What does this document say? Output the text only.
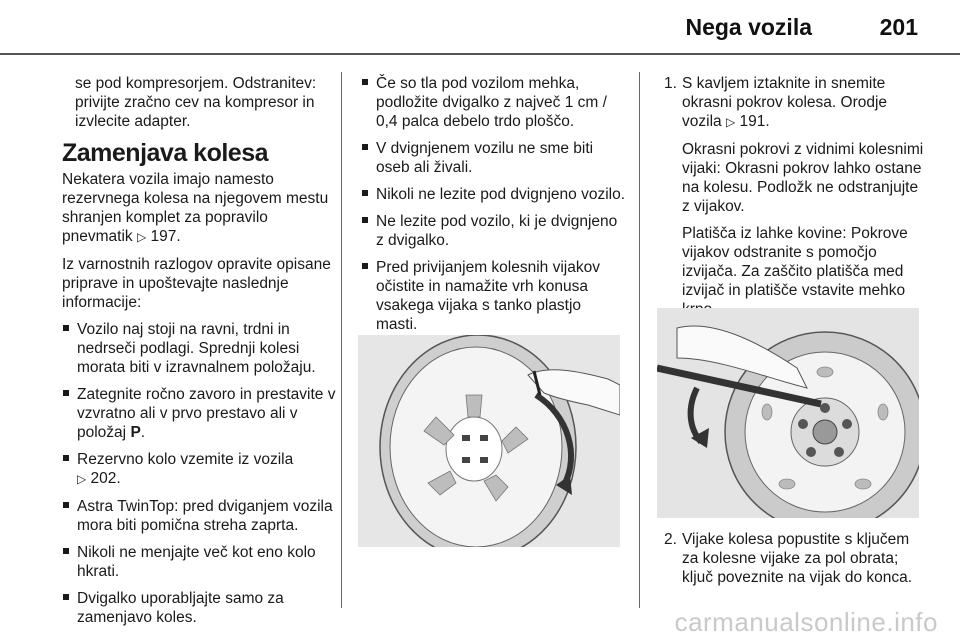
Nega vozila	201

se pod kompresorjem. Odstranitev: privijte zračno cev na kompresor in izvlecite adapter.

Zamenjava kolesa

Nekatera vozila imajo namesto rezervnega kolesa na njegovem mestu shranjen komplet za popravilo pnevmatik ▷ 197.

Iz varnostnih razlogov opravite opisane priprave in upoštevajte naslednje informacije:

Vozilo naj stoji na ravni, trdni in nedrseči podlagi. Sprednji kolesi morata biti v izravnalnem položaju.
Zategnite ročno zavoro in prestavite v vzvratno ali v prvo prestavo ali v položaj P.
Rezervno kolo vzemite iz vozila
▷ 202.
Astra TwinTop: pred dviganjem vozila mora biti pomična streha zaprta.
Nikoli ne menjajte več kot eno kolo hkrati.
Dvigalko uporabljajte samo za zamenjavo koles.
Če so tla pod vozilom mehka, podložite dvigalko z največ 1 cm / 0,4 palca debelo trdo ploščo.
V dvignjenem vozilu ne sme biti oseb ali živali.
Nikoli ne lezite pod dvignjeno vozilo.
Ne lezite pod vozilo, ki je dvignjeno z dvigalko.
Pred privijanjem kolesnih vijakov očistite in namažite vrh konusa vsakega vijaka s tanko plastjo masti.
1. S kavljem iztaknite in snemite okrasni pokrov kolesa. Orodje vozila ▷ 191.

Okrasni pokrovi z vidnimi kolesnimi vijaki: Okrasni pokrov lahko ostane na kolesu. Podložk ne odstranjujte z vijakov.

Platišča iz lahke kovine: Pokrove vijakov odstranite s pomočjo izvijača. Za zaščito platišča med izvijač in platišče vstavite mehko

2. Vijake kolesa popustite s ključem za kolesne vijake za pol obrata; ključ poveznite na vijak do konca.
carmanualsonline.info
